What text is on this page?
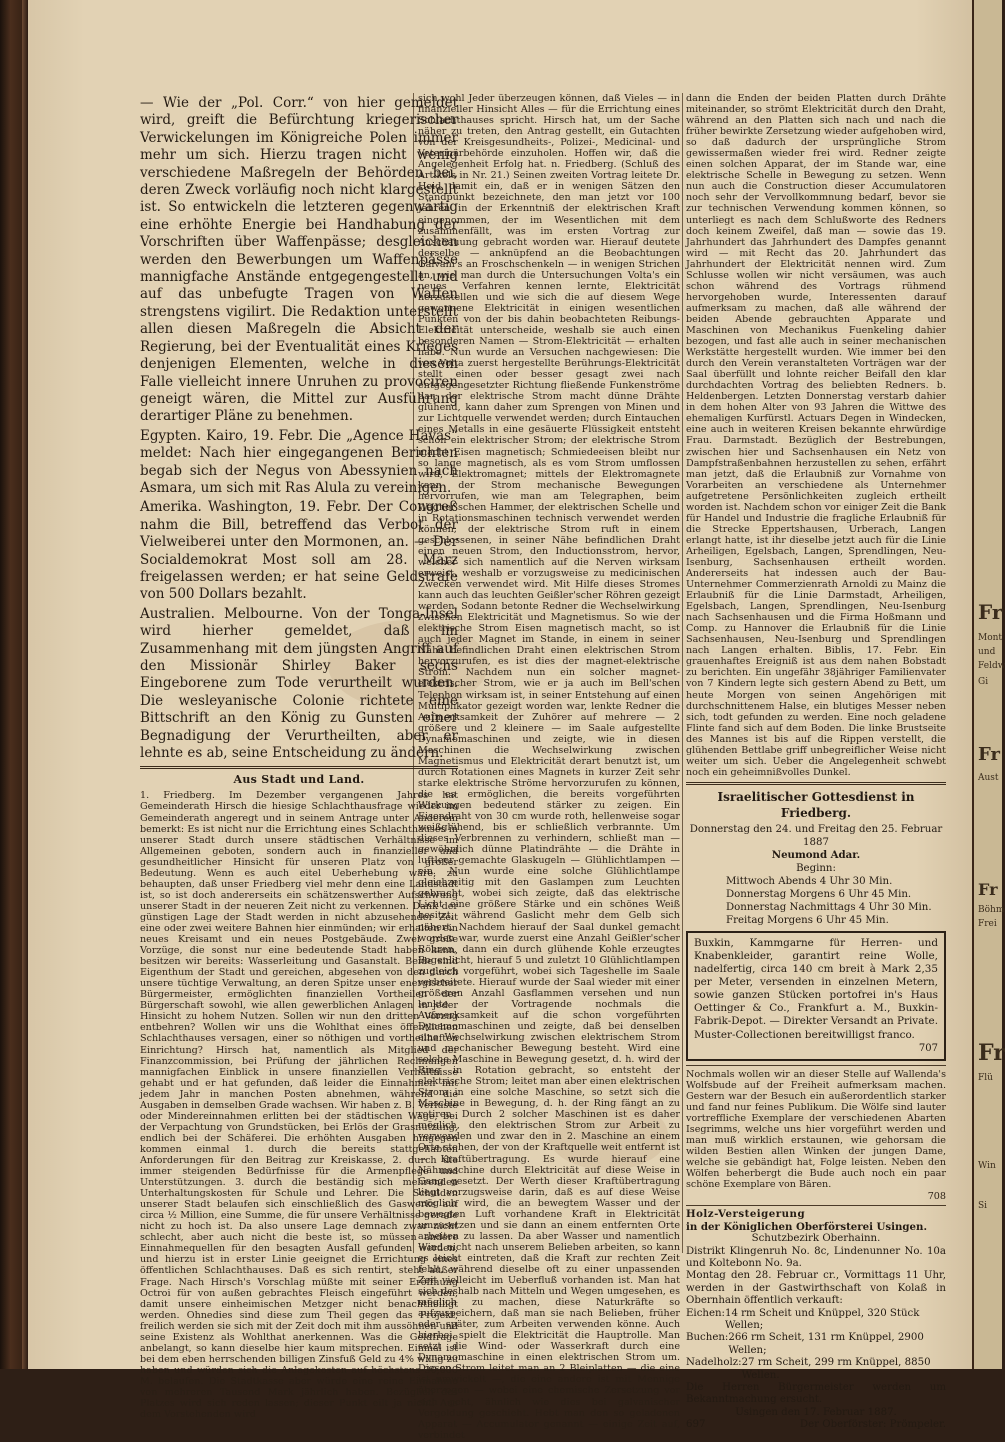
— Wie der „Pol. Corr.“ von hier gemeldet wird, greift die Befürchtung kriegerischer Verwickelungen im Königreiche Polen immer mehr um sich. Hierzu tragen nicht wenig verschiedene Maßregeln der Behörden bei, deren Zweck vorläufig noch nicht klargestellt ist. So entwickeln die letzteren gegenwärtig eine erhöhte Energie bei Handhabung der Vorschriften über Waffenpässe; desgleichen werden den Bewerbungen um Waffenpässe mannigfache Anstände entgegengestellt und auf das unbefugte Tragen von Waffen strengstens vigilirt. Die Redaktion unterstellt allen diesen Maßregeln die Absicht der Regierung, bei der Eventualität eines Krieges denjenigen Elementen, welche in diesem Falle vielleicht innere Unruhen zu provociren geneigt wären, die Mittel zur Ausführung derartiger Pläne zu benehmen.

Egypten. Kairo, 19. Febr. Die „Agence Havas“ meldet: Nach hier eingegangenen Berichten begab sich der Negus von Abessynien nach Asmara, um sich mit Ras Alula zu vereinigen.

Amerika. Washington, 19. Febr. Der Congreß nahm die Bill, betreffend das Verbot der Vielweiberei unter den Mormonen, an. — Der Socialdemokrat Most soll am 28. März freigelassen werden; er hat seine Geldstrafe von 500 Dollars bezahlt.

Australien. Melbourne. Von der Tonga-Insel wird hierher gemeldet, daß im Zusammenhang mit dem jüngsten Angriff auf den Missionär Shirley Baker sechs Eingeborene zum Tode verurtheilt wurden. Die wesleyanische Colonie richtete eine Bittschrift an den König zu Gunsten einer Begnadigung der Verurtheilten, aber er lehnte es ab, seine Entscheidung zu ändern.

Aus Stadt und Land.

1. Friedberg. Im Dezember vergangenen Jahres hat Gemeinderath Hirsch die hiesige Schlachthausfrage wieder im Gemeinderath angeregt und in seinem Antrage unter Anderem bemerkt: Es ist nicht nur die Errichtung eines Schlachthauses in unserer Stadt durch unsere städtischen Verhältnisse im Allgemeinen geboten, sondern auch in finanzieller und gesundheitlicher Hinsicht für unseren Platz von großer Bedeutung. Wenn es auch eitel Ueberhebung wäre, zu behaupten, daß unser Friedberg viel mehr denn eine Landstadt ist, so ist doch andererseits ein schätzenswerther Aufschwung unserer Stadt in der neueren Zeit nicht zu verkennen. Dank der günstigen Lage der Stadt werden in nicht abzusehender Zeit eine oder zwei weitere Bahnen hier einmünden; wir erhalten ein neues Kreisamt und ein neues Postgebäude. Zwei große Vorzüge, die sonst nur eine bedeutende Stadt haben kann, besitzen wir bereits: Wasserleitung und Gasanstalt. Beide sind Eigenthum der Stadt und gereichen, abgesehen von den durch unsere tüchtige Verwaltung, an deren Spitze unser energischer Bürgermeister, ermöglichten finanziellen Vortheilen der Bürgerschaft sowohl, wie allen gewerblichen Anlagen in jeder Hinsicht zu hohem Nutzen. Sollen wir nun den dritten Vorzug entbehren? Wollen wir uns die Wohlthat eines öffentlichen Schlachthauses versagen, einer so nöthigen und vortheilhaften Einrichtung? Hirsch hat, namentlich als Mitglied der Finanzcommission, bei Prüfung der jährlichen Rechnungen mannigfachen Einblick in unsere finanziellen Verhältnisse gehabt und er hat gefunden, daß leider die Einnahmen mit jedem Jahr in manchen Posten abnehmen, während die Ausgaben in demselben Grade wachsen. Wir haben z. B. Verluste oder Mindereinnahmen erlitten bei der städtischen Wage, bei der Verpachtung von Grundstücken, bei Erlös der Grasnutzung, endlich bei der Schäferei. Die erhöhten Ausgaben hingegen kommen einmal 1. durch die bereits stattgehabten Anforderungen für den Beitrag zur Kreiskasse, 2. durch die immer steigenden Bedürfnisse für die Armenpflege und Unterstützungen. 3. durch die beständig sich mehrenden Unterhaltungskosten für Schule und Lehrer. Die Schulden unserer Stadt belaufen sich einschließlich des Gaswerks auf circa ½ Million, eine Summe, die für unsere Verhältnisse gerade nicht zu hoch ist. Da also unsere Lage demnach zwar nicht schlecht, aber auch nicht die beste ist, so müssen andere Einnahmequellen für den besagten Ausfall gefunden werden, und hierzu ist in erster Linie geeignet die Errichtung eines öffentlichen Schlachthauses. Daß es sich rentirt, steht außer Frage. Nach Hirsch's Vorschlag müßte mit seiner Eröffnung Octroi für von außen gebrachtes Fleisch eingeführt werden, damit unsere einheimischen Metzger nicht benachtheiligt werden. Ohnedies sind diese zum Theil gegen das Projekt, freilich werden sie sich mit der Zeit doch mit ihm aussöhnen und seine Existenz als Wohlthat anerkennen. Was die Geldfrage anbelangt, so kann dieselbe hier kaum mitsprechen. Einmal ist bei dem eben herrschenden billigen Zinsfuß Geld zu 4% willig zu haben und würden sich die Anlagekosten auf höchstens 30,000 M. belaufen. Die Stadtkasse aber würde eine reine Einnahme von mehreren Tausend Mark jährlich haben. Bezüglich des Platzes wird sich reden lassen; dieser Punkt eilt ja nicht. Aus dem Vorstehenden wird

sich wohl Jeder überzeugen können, daß Vieles — in finanzieller Hinsicht Alles — für die Errichtung eines Schlachthauses spricht. Hirsch hat, um der Sache näher zu treten, den Antrag gestellt, ein Gutachten von der Kreisgesundheits-, Polizei-, Medicinal- und Veterinärbehörde einzuholen. Hoffen wir, daß die Angelegenheit Erfolg hat. n. Friedberg. (Schluß des Artikels in Nr. 21.) Seinen zweiten Vortrag leitete Dr. Heid damit ein, daß er in wenigen Sätzen den Standpunkt bezeichnete, den man jetzt vor 100 Jahren in der Erkenntniß der elektrischen Kraft eingenommen, der im Wesentlichen mit dem zusammenfällt, was im ersten Vortrag zur Anschauung gebracht worden war. Hierauf deutete derselbe — anknüpfend an die Beobachtungen Galvani's an Froschschenkeln — in wenigen Strichen an, wie man durch die Untersuchungen Volta's ein neues Verfahren kennen lernte, Elektricität herzustellen und wie sich die auf diesem Wege gewonnene Elektricität in einigen wesentlichen Punkten von der bis dahin beobachteten Reibungs-Elektricität unterscheide, weshalb sie auch einen besonderen Namen — Strom-Elektricität — erhalten habe. Nun wurde an Versuchen nachgewiesen: Die von Volta zuerst hergestellte Berührungs-Elektricität stellt einen oder besser gesagt zwei nach entgegengesetzter Richtung fließende Funkenströme dar; der elektrische Strom macht dünne Drähte glühend, kann daher zum Sprengen von Minen und zur Lichtquelle verwendet werden; durch Eintauchen eines Metalls in eine gesäuerte Flüssigkeit entsteht schon ein elektrischer Strom; der elektrische Strom macht Eisen magnetisch; Schmiedeeisen bleibt nur so lange magnetisch, als es vom Strom umflossen wird, Elektromagnet; mittels der Elektromagnete kann der Strom mechanische Bewegungen hervorrufen, wie man am Telegraphen, beim Wagner'schen Hammer, der elektrischen Schelle und in Rotationsmaschinen technisch verwendet werden können; der elektrische Strom ruft in einem geschlossenen, in seiner Nähe befindlichen Draht einen neuen Strom, den Inductionsstrom, hervor, welcher sich namentlich auf die Nerven wirksam erweist, weshalb er vorzugsweise zu medicinischen Zwecken verwendet wird. Mit Hilfe dieses Stromes kann auch das leuchten Geißler'scher Röhren gezeigt werden. Sodann betonte Redner die Wechselwirkung zwischen Elektricität und Magnetismus. So wie der elektrische Strom Eisen magnetisch macht, so ist auch jeder Magnet im Stande, in einem in seiner Nähe befindlichen Draht einen elektrischen Strom hervorzurufen, es ist dies der magnet-elektrische Strom. Nachdem nun ein solcher magnet-elektrischer Strom, wie er ja auch im Bell'schen Telephon wirksam ist, in seiner Entstehung auf einen Multiplikator gezeigt worden war, lenkte Redner die Aufmerksamkeit der Zuhörer auf mehrere — 2 größere und 2 kleinere — im Saale aufgestellte Dynamomaschinen und zeigte, wie in diesen Maschinen die Wechselwirkung zwischen Magnetismus und Elektricität derart benutzt ist, um durch Rotationen eines Magnets in kurzer Zeit sehr starke elektrische Ströme hervorzurufen zu können, die es ermöglichen, die bereits vorgeführten Wirkungen bedeutend stärker zu zeigen. Ein Eisendraht von 30 cm wurde roth, hellenweise sogar weißglühend, bis er schließlich verbrannte. Um dieses Verbrennen zu verhindern, schließt man — gewöhnlich dünne Platindrähte — die Drähte in luftleer gemachte Glaskugeln — Glühlichtlampen — ein. Nun wurde eine solche Glühlichtlampe gleichzeitig mit den Gaslampen zum Leuchten gebracht, wobei sich zeigte, daß das elektrische Licht eine größere Stärke und ein schönes Weiß besitzt, während Gaslicht mehr dem Gelb sich nähert. Nachdem hierauf der Saal dunkel gemacht worden war, wurde zuerst eine Anzahl Geißler'scher Röhren, dann ein durch glühende Kohle erzeugtes Bogenlicht, hierauf 5 und zuletzt 10 Glühlichtlampen zugleich vorgeführt, wobei sich Tageshelle im Saale verbreitete. Hierauf wurde der Saal wieder mit einer größeren Anzahl Gasflammen versehen und nun lenkte der Vortragende nochmals die Aufmerksamkeit auf die schon vorgeführten Dynamomaschinen und zeigte, daß bei denselben eine Wechselwirkung zwischen elektrischem Strom und mechanischer Bewegung besteht. Wird eine solche Maschine in Bewegung gesetzt, d. h. wird der Ring in Rotation gebracht, so entsteht der elektrische Strom; leitet man aber einen elektrischen Strom in eine solche Maschine, so setzt sich die Maschine in Bewegung, d. h. der Ring fängt an zu rotiren. Durch 2 solcher Maschinen ist es daher möglich, den elektrischen Strom zur Arbeit zu verwenden und zwar den in 2. Maschine an einem Orte stehen, der von der Kraftquelle weit entfernt ist — Kraftübertragung. Es wurde hierauf eine Nähmaschine durch Elektricität auf diese Weise in Gang gesetzt. Der Werth dieser Kraftübertragung liegt vorzugsweise darin, daß es auf diese Weise möglich wird, die an bewegtem Wasser und der bewegten Luft vorhandene Kraft in Elektricität umzusetzen und sie dann an einem entfernten Orte arbeiten zu lassen. Da aber Wasser und namentlich Wind nicht nach unserem Belieben arbeiten, so kann es leicht eintreten, daß die Kraft zur rechten Zeit fehlt, während dieselbe oft zu einer unpassenden Zeit vielleicht im Ueberfluß vorhanden ist. Man hat sich deshalb nach Mitteln und Wegen umgesehen, es möglich zu machen, diese Naturkräfte so aufzuspeichern, daß man sie nach Belieben, früher oder später, zum Arbeiten verwenden könne. Auch hierbei spielt die Elektricität die Hauptrolle. Man setzt die Wind- oder Wasserkraft durch eine Dynamomaschine in einen elektrischen Strom um. Diesen Strom leitet man an 2 Bleiplatten — die eine ist umwickelt —, die eine andere ist mit Mennige überzogen — wobei eine chemische Zersetzung vor sich geht, ähnlich wie dies bei galvanischer Vergoldung geschieht. Hebt man den so geladenen Apparat — Accumulator genannt — einige Zeit auf, verbindet

dann die Enden der beiden Platten durch Drähte miteinander, so strömt Elektricität durch den Draht, während an den Platten sich nach und nach die früher bewirkte Zersetzung wieder aufgehoben wird, so daß dadurch der ursprüngliche Strom gewissermaßen wieder frei wird. Redner zeigte einen solchen Apparat, der im Stande war, eine elektrische Schelle in Bewegung zu setzen. Wenn nun auch die Construction dieser Accumulatoren noch sehr der Vervollkommnung bedarf, bevor sie zur technischen Verwendung kommen können, so unterliegt es nach dem Schlußworte des Redners doch keinem Zweifel, daß man — sowie das 19. Jahrhundert das Jahrhundert des Dampfes genannt wird — mit Recht das 20. Jahrhundert das Jahrhundert der Elektricität nennen wird. Zum Schlusse wollen wir nicht versäumen, was auch schon während des Vortrags rühmend hervorgehoben wurde, Interessenten darauf aufmerksam zu machen, daß alle während der beiden Abende gebrauchten Apparate und Maschinen von Mechanikus Fuenkeling dahier bezogen, und fast alle auch in seiner mechanischen Werkstätte hergestellt wurden. Wie immer bei den durch den Verein veranstalteten Vorträgen war der Saal überfüllt und lohnte reicher Beifall den klar durchdachten Vortrag des beliebten Redners. b. Heldenbergen. Letzten Donnerstag verstarb dahier in dem hohen Alter von 93 Jahren die Wittwe des ehemaligen Kurfürstl. Actuars Degen in Windecken, eine auch in weiteren Kreisen bekannte ehrwürdige Frau. Darmstadt. Bezüglich der Bestrebungen, zwischen hier und Sachsenhausen ein Netz von Dampfstraßenbahnen herzustellen zu sehen, erfährt man jetzt, daß die Erlaubniß zur Vornahme von Vorarbeiten an verschiedene als Unternehmer aufgetretene Persönlichkeiten zugleich ertheilt worden ist. Nachdem schon vor einiger Zeit die Bank für Handel und Industrie die fragliche Erlaubniß für die Strecke Eppertshausen, Urberach, Langen erlangt hatte, ist ihr dieselbe jetzt auch für die Linie Arheiligen, Egelsbach, Langen, Sprendlingen, Neu-Isenburg, Sachsenhausen ertheilt worden. Andererseits hat indessen auch der Bau-Unternehmer Commerzienrath Arnoldi zu Mainz die Erlaubniß für die Linie Darmstadt, Arheiligen, Egelsbach, Langen, Sprendlingen, Neu-Isenburg nach Sachsenhausen und die Firma Hoßmann und Comp. zu Hannover die Erlaubniß für die Linie Sachsenhausen, Neu-Isenburg und Sprendlingen nach Langen erhalten. Biblis, 17. Febr. Ein grauenhaftes Ereigniß ist aus dem nahen Bobstadt zu berichten. Ein ungefähr 38jähriger Familienvater von 7 Kindern legte sich gestern Abend zu Bett, um heute Morgen von seinen Angehörigen mit durchschnittenem Halse, ein blutiges Messer neben sich, todt gefunden zu werden. Eine noch geladene Flinte fand sich auf dem Boden. Die linke Brustseite des Mannes ist bis auf die Rippen verstellt, die glühenden Bettlabe griff unbegreiflicher Weise nicht weiter um sich. Ueber die Angelegenheit schwebt noch ein geheimnißvolles Dunkel.

Israelitischer Gottesdienst in Friedberg.

Donnerstag den 24. und Freitag den 25. Februar 1887

Neumond Adar.

Beginn:

Mittwoch Abends 4 Uhr 30 Min.

Donnerstag Morgens 6 Uhr 45 Min.

Donnerstag Nachmittags 4 Uhr 30 Min.

Freitag Morgens 6 Uhr 45 Min.

Buxkin, Kammgarne für Herren- und Knabenkleider, garantirt reine Wolle, nadelfertig, circa 140 cm breit à Mark 2,35 per Meter, versenden in einzelnen Metern, sowie ganzen Stücken portofrei in's Haus Oettinger & Co., Frankfurt a. M., Buxkin-Fabrik-Depot. — Direkter Versandt an Private. Muster-Collectionen bereitwilligst franco.

707

Nochmals wollen wir an dieser Stelle auf Wallenda's Wolfsbude auf der Freiheit aufmerksam machen. Gestern war der Besuch ein außerordentlich starker und fand nur feines Publikum. Die Wölfe sind lauter vortreffliche Exemplare der verschiedenen Abarten Isegrimms, welche uns hier vorgeführt werden und man muß wirklich erstaunen, wie gehorsam die wilden Bestien allen Winken der jungen Dame, welche sie gebändigt hat, Folge leisten. Neben den Wölfen beherbergt die Bude auch noch ein paar schöne Exemplare von Bären.

708

Holz-Versteigerung

in der Königlichen Oberförsterei Usingen.

Schutzbezirk Oberhainn.

Distrikt Klingenruh No. 8c, Lindenunner No. 10a und Koltebonn No. 9a.

Montag den 28. Februar cr., Vormittags 11 Uhr, werden in der Gastwirthschaft von Kolaß in Obernhain öffentlich verkauft:

Eichen: 14 rm Scheit und Knüppel, 320 Stück Wellen;
Buchen: 266 rm Scheit, 131 rm Knüppel, 2900 Wellen;
Nadelholz: 27 rm Scheit, 299 rm Knüppel, 8850 Wellen.

Die Herren Bürgermeister werden um Bekanntmachung ersucht.

Usingen den 17. Februar 1887.

697	Der Oberförster: Prömpeler.

Fr
Mont
und
Feldw
Gi
Fr
Aust
Fr
Böhm
Frei
Fr
Flü
Win
Si
